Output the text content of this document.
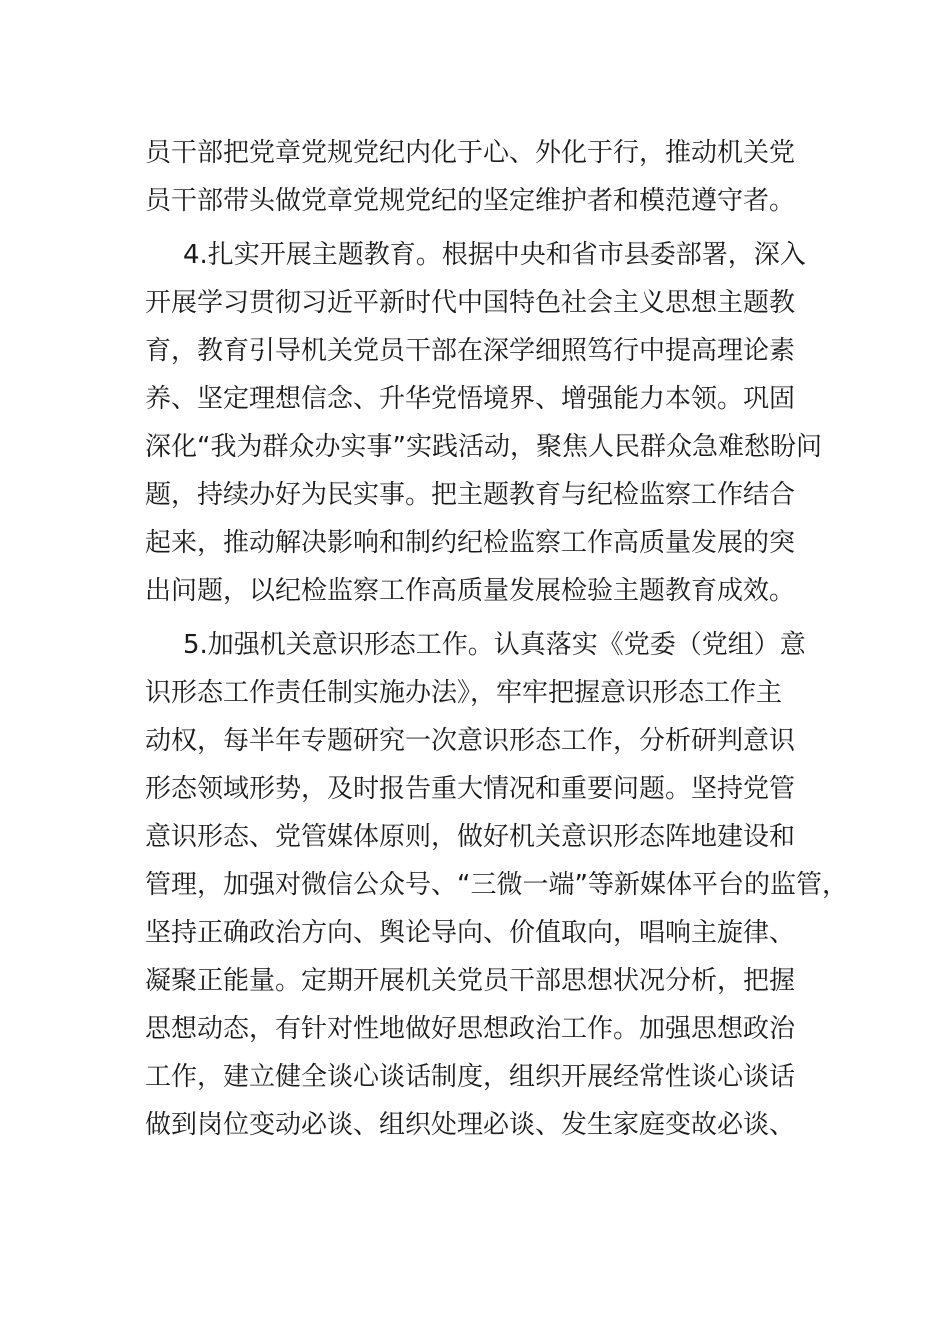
员干部把党章党规党纪内化于心、外化于行，推动机关党
员干部带头做党章党规党纪的坚定维护者和模范遵守者。
4.扎实开展主题教育。根据中央和省市县委部署，深入
开展学习贯彻习近平新时代中国特色社会主义思想主题教
育，教育引导机关党员干部在深学细照笃行中提高理论素
养、坚定理想信念、升华党悟境界、增强能力本领。巩固
深化“我为群众办实事”实践活动，聚焦人民群众急难愁盼问
题，持续办好为民实事。把主题教育与纪检监察工作结合
起来，推动解决影响和制约纪检监察工作高质量发展的突
出问题，以纪检监察工作高质量发展检验主题教育成效。
5.加强机关意识形态工作。认真落实《党委（党组）意
识形态工作责任制实施办法》，牢牢把握意识形态工作主
动权，每半年专题研究一次意识形态工作，分析研判意识
形态领域形势，及时报告重大情况和重要问题。坚持党管
意识形态、党管媒体原则，做好机关意识形态阵地建设和
管理，加强对微信公众号、“三微一端”等新媒体平台的监管，
坚持正确政治方向、舆论导向、价值取向，唱响主旋律、
凝聚正能量。定期开展机关党员干部思想状况分析，把握
思想动态，有针对性地做好思想政治工作。加强思想政治
工作，建立健全谈心谈话制度，组织开展经常性谈心谈话
做到岗位变动必谈、组织处理必谈、发生家庭变故必谈、
